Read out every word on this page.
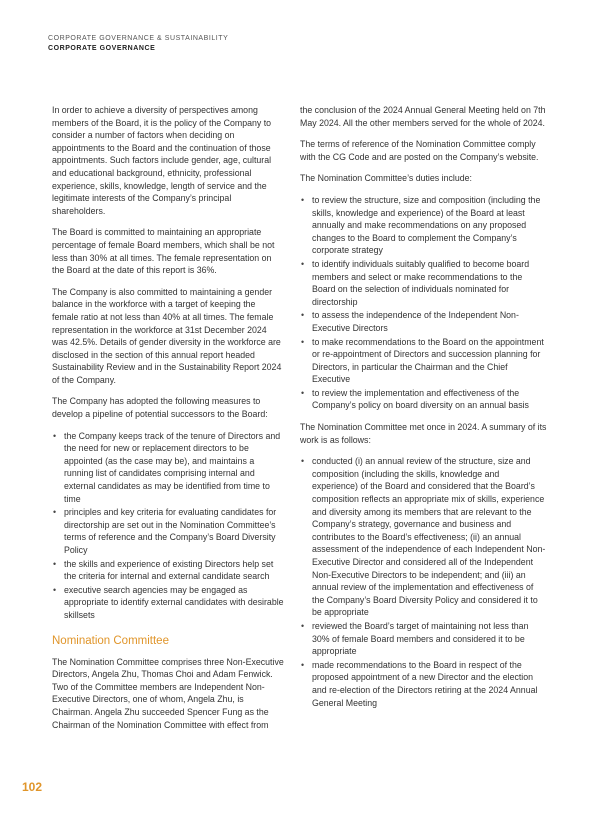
CORPORATE GOVERNANCE & SUSTAINABILITY
CORPORATE GOVERNANCE

In order to achieve a diversity of perspectives among members of the Board, it is the policy of the Company to consider a number of factors when deciding on appointments to the Board and the continuation of those appointments. Such factors include gender, age, cultural and educational background, ethnicity, professional experience, skills, knowledge, length of service and the legitimate interests of the Company’s principal shareholders.

The Board is committed to maintaining an appropriate percentage of female Board members, which shall be not less than 30% at all times. The female representation on the Board at the date of this report is 36%.

The Company is also committed to maintaining a gender balance in the workforce with a target of keeping the female ratio at not less than 40% at all times. The female representation in the workforce at 31st December 2024 was 42.5%. Details of gender diversity in the workforce are disclosed in the section of this annual report headed Sustainability Review and in the Sustainability Report 2024 of the Company.

The Company has adopted the following measures to develop a pipeline of potential successors to the Board:

• the Company keeps track of the tenure of Directors and the need for new or replacement directors to be appointed (as the case may be), and maintains a running list of candidates comprising internal and external candidates as may be identified from time to time
• principles and key criteria for evaluating candidates for directorship are set out in the Nomination Committee’s terms of reference and the Company’s Board Diversity Policy
• the skills and experience of existing Directors help set the criteria for internal and external candidate search
• executive search agencies may be engaged as appropriate to identify external candidates with desirable skillsets
Nomination Committee

The Nomination Committee comprises three Non-Executive Directors, Angela Zhu, Thomas Choi and Adam Fenwick. Two of the Committee members are Independent Non-Executive Directors, one of whom, Angela Zhu, is Chairman. Angela Zhu succeeded Spencer Fung as the Chairman of the Nomination Committee with effect from

the conclusion of the 2024 Annual General Meeting held on 7th May 2024. All the other members served for the whole of 2024.

The terms of reference of the Nomination Committee comply with the CG Code and are posted on the Company’s website.

The Nomination Committee’s duties include:

• to review the structure, size and composition (including the skills, knowledge and experience) of the Board at least annually and make recommendations on any proposed changes to the Board to complement the Company’s corporate strategy
• to identify individuals suitably qualified to become board members and select or make recommendations to the Board on the selection of individuals nominated for directorship
• to assess the independence of the Independent Non-Executive Directors
• to make recommendations to the Board on the appointment or re-appointment of Directors and succession planning for Directors, in particular the Chairman and the Chief Executive
• to review the implementation and effectiveness of the Company’s policy on board diversity on an annual basis

The Nomination Committee met once in 2024. A summary of its work is as follows:

• conducted (i) an annual review of the structure, size and composition (including the skills, knowledge and experience) of the Board and considered that the Board’s composition reflects an appropriate mix of skills, experience and diversity among its members that are relevant to the Company’s strategy, governance and business and contributes to the Board’s effectiveness; (ii) an annual assessment of the independence of each Independent Non-Executive Director and considered all of the Independent Non-Executive Directors to be independent; and (iii) an annual review of the implementation and effectiveness of the Company’s Board Diversity Policy and considered it to be appropriate
• reviewed the Board’s target of maintaining not less than 30% of female Board members and considered it to be appropriate
• made recommendations to the Board in respect of the proposed appointment of a new Director and the election and re-election of the Directors retiring at the 2024 Annual General Meeting
102
